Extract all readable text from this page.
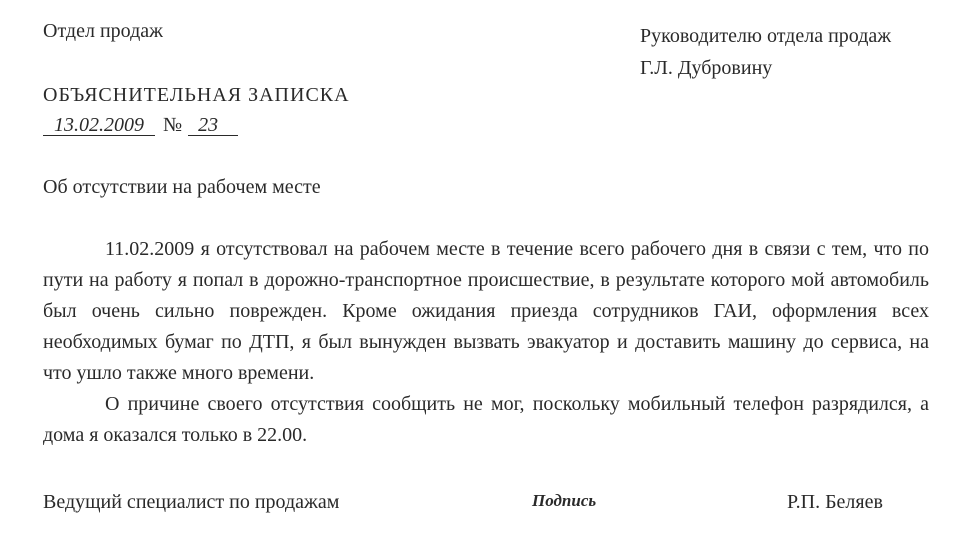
Отдел продаж	Руководителю отдела продаж
Г.Л. Дубровину
ОБЪЯСНИТЕЛЬНАЯ ЗАПИСКА
13.02.2009 № 23
Об отсутствии на рабочем месте

11.02.2009 я отсутствовал на рабочем месте в течение всего рабочего дня в связи с тем, что по пути на работу я попал в дорожно-транспортное происшествие, в результате которого мой автомобиль был очень сильно поврежден. Кроме ожидания приезда сотрудников ГАИ, оформления всех необходимых бумаг по ДТП, я был вынужден вызвать эвакуатор и доставить машину до сервиса, на что ушло также много времени.

О причине своего отсутствия сообщить не мог, поскольку мобильный телефон разрядился, а дома я оказался только в 22.00.

Ведущий специалист по продажам	Подпись	Р.П. Беляев
